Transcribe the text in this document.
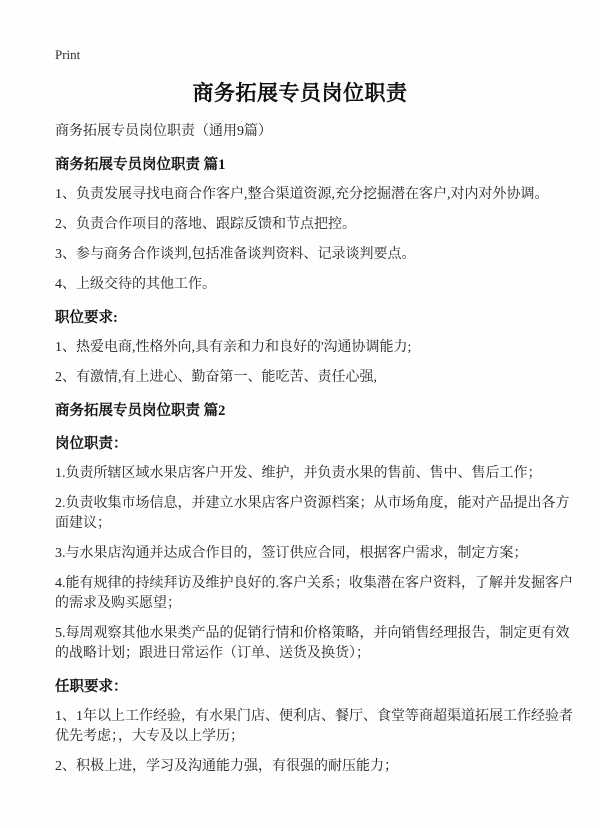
Print
商务拓展专员岗位职责

商务拓展专员岗位职责（通用9篇）

商务拓展专员岗位职责 篇1

1、负责发展寻找电商合作客户,整合渠道资源,充分挖掘潜在客户,对内对外协调。

2、负责合作项目的落地、跟踪反馈和节点把控。

3、参与商务合作谈判,包括准备谈判资料、记录谈判要点。

4、上级交待的其他工作。

职位要求:

1、热爱电商,性格外向,具有亲和力和良好的'沟通协调能力;

2、有激情,有上进心、勤奋第一、能吃苦、责任心强,

商务拓展专员岗位职责 篇2
岗位职责：

1.负责所辖区域水果店客户开发、维护，并负责水果的售前、售中、售后工作；

2.负责收集市场信息，并建立水果店客户资源档案；从市场角度，能对产品提出各方面建议；

3.与水果店沟通并达成合作目的，签订供应合同，根据客户需求，制定方案；

4.能有规律的持续拜访及维护良好的.客户关系；收集潜在客户资料，了解并发掘客户的需求及购买愿望；

5.每周观察其他水果类产品的促销行情和价格策略，并向销售经理报告，制定更有效的战略计划；跟进日常运作（订单、送货及换货）；

任职要求：

1、1年以上工作经验，有水果门店、便利店、餐厅、食堂等商超渠道拓展工作经验者优先考虑；，大专及以上学历；

2、积极上进，学习及沟通能力强，有很强的耐压能力；
